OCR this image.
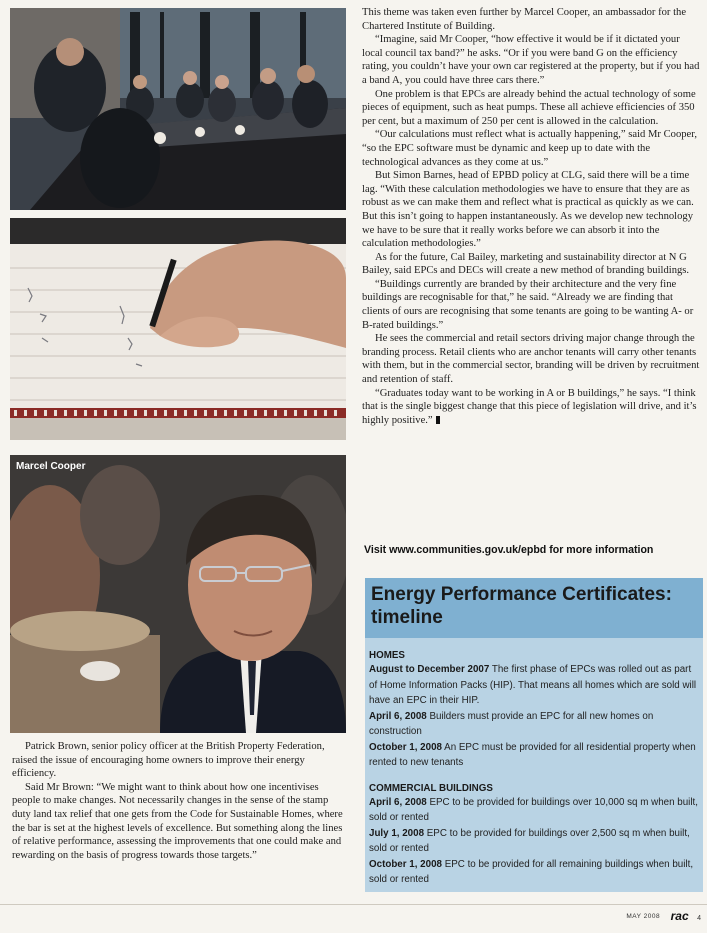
Marcel Cooper

Patrick Brown, senior policy officer at the British Property Federation, raised the issue of encouraging home owners to improve their energy efficiency.

Said Mr Brown: “We might want to think about how one incentivises people to make changes. Not necessarily changes in the sense of the stamp duty land tax relief that one gets from the Code for Sustainable Homes, where the bar is set at the highest levels of excellence. But something along the lines of relative performance, assessing the improvements that one could make and rewarding on the basis of progress towards those targets.”

This theme was taken even further by Marcel Cooper, an ambassador for the Chartered Institute of Building.

“Imagine, said Mr Cooper, “how effective it would be if it dictated your local council tax band?” he asks. “Or if you were band G on the efficiency rating, you couldn’t have your own car registered at the property, but if you had a band A, you could have three cars there.”

One problem is that EPCs are already behind the actual technology of some pieces of equipment, such as heat pumps. These all achieve efficiencies of 350 per cent, but a maximum of 250 per cent is allowed in the calculation.

“Our calculations must reflect what is actually happening,” said Mr Cooper, “so the EPC software must be dynamic and keep up to date with the technological advances as they come at us.”

But Simon Barnes, head of EPBD policy at CLG, said there will be a time lag. “With these calculation methodologies we have to ensure that they are as robust as we can make them and reflect what is practical as quickly as we can. But this isn’t going to happen instantaneously. As we develop new technology we have to be sure that it really works before we can absorb it into the calculation methodologies.”

As for the future, Cal Bailey, marketing and sustainability director at N G Bailey, said EPCs and DECs will create a new method of branding buildings.

“Buildings currently are branded by their architecture and the very fine buildings are recognisable for that,” he said. “Already we are finding that clients of ours are recognising that some tenants are going to be wanting A- or B-rated buildings.”

He sees the commercial and retail sectors driving major change through the branding process. Retail clients who are anchor tenants will carry other tenants with them, but in the commercial sector, branding will be driven by recruitment and retention of staff.

“Graduates today want to be working in A or B buildings,” he says. “I think that is the single biggest change that this piece of legislation will drive, and it’s highly positive.”

Visit www.communities.gov.uk/epbd for more information
Energy Performance Certificates: timeline
HOMES
August to December 2007 The first phase of EPCs was rolled out as part of Home Information Packs (HIP). That means all homes which are sold will have an EPC in their HIP.
April 6, 2008 Builders must provide an EPC for all new homes on construction
October 1, 2008 An EPC must be provided for all residential property when rented to new tenants
COMMERCIAL BUILDINGS
April 6, 2008 EPC to be provided for buildings over 10,000 sq m when built, sold or rented
July 1, 2008 EPC to be provided for buildings over 2,500 sq m when built, sold or rented
October 1, 2008 EPC to be provided for all remaining buildings when built, sold or rented
MAY 2008 rac 4
